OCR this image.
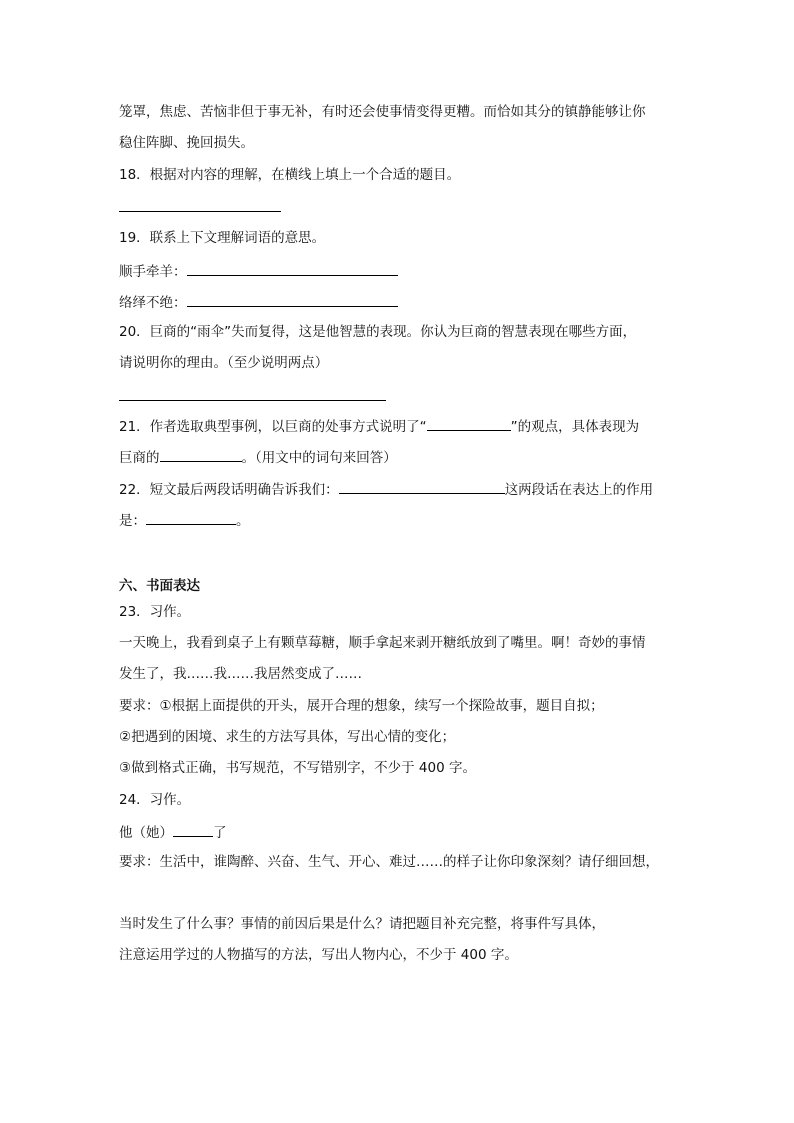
笼罩，焦虑、苦恼非但于事无补，有时还会使事情变得更糟。而恰如其分的镇静能够让你
稳住阵脚、挽回损失。
18．根据对内容的理解，在横线上填上一个合适的题目。
19．联系上下文理解词语的意思。
顺手牵羊：
络绎不绝：
20．巨商的“雨伞”失而复得，这是他智慧的表现。你认为巨商的智慧表现在哪些方面，
请说明你的理由。（至少说明两点）
21．作者选取典型事例，以巨商的处事方式说明了“	”的观点，具体表现为
巨商的	。（用文中的词句来回答）
22．短文最后两段话明确告诉我们：	这两段话在表达上的作用
是：	。
六、书面表达
23．习作。
一天晚上，我看到桌子上有颗草莓糖，顺手拿起来剥开糖纸放到了嘴里。啊！奇妙的事情
发生了，我……我……我居然变成了……
要求：①根据上面提供的开头，展开合理的想象，续写一个探险故事，题目自拟；
②把遇到的困境、求生的方法写具体，写出心情的变化；
③做到格式正确，书写规范，不写错别字，不少于 400 字。
24．习作。
他（她）	了
要求：生活中，谁陶醉、兴奋、生气、开心、难过……的样子让你印象深刻？请仔细回想，
当时发生了什么事？事情的前因后果是什么？请把题目补充完整，将事件写具体，
注意运用学过的人物描写的方法，写出人物内心，不少于 400 字。
